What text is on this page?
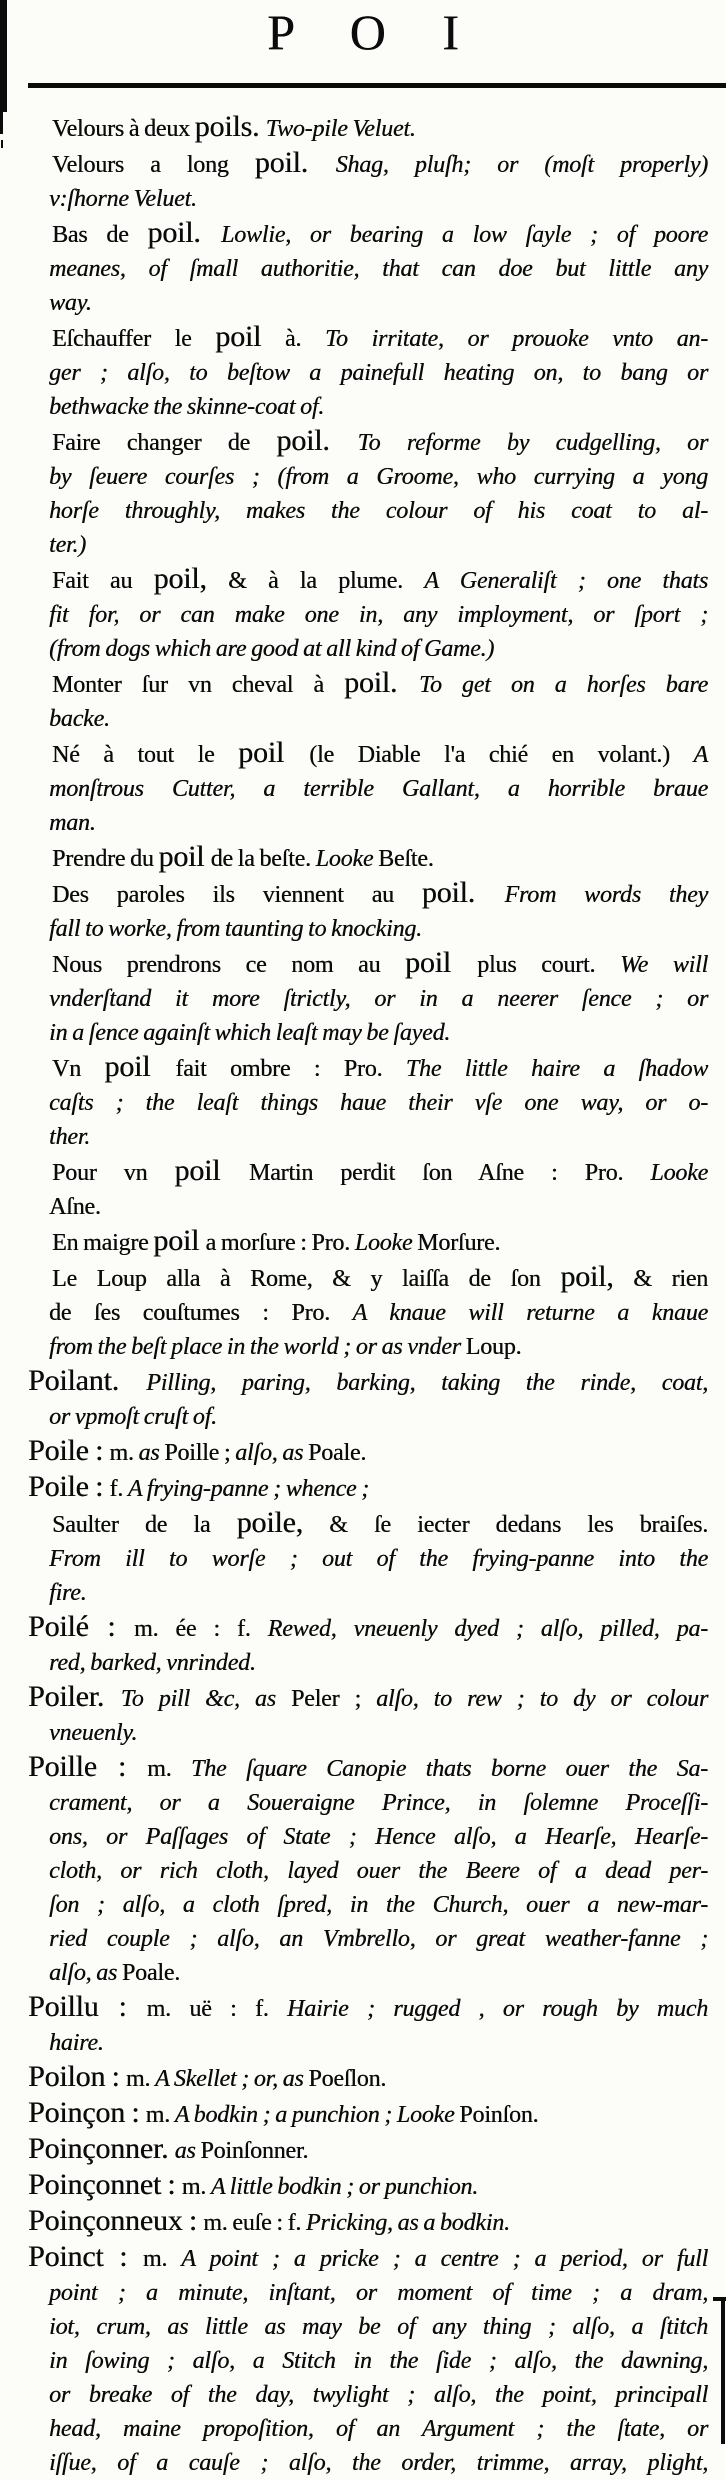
P O I
Velours à deux poils. Two-pile Veluet.
Velours a long poil. Shag, pluſh; or (moſt properly)
v:ſhorne Veluet.
Bas de poil. Lowlie, or bearing a low ſayle ; of poore
meanes, of ſmall authoritie, that can doe but little any
way.
Eſchauffer le poil à. To irritate, or prouoke vnto an-
ger ; alſo, to beſtow a painefull heating on, to bang or
bethwacke the skinne-coat of.
Faire changer de poil. To reforme by cudgelling, or
by ſeuere courſes ; (from a Groome, who currying a yong
horſe throughly, makes the colour of his coat to al-
ter.)
Fait au poil, & à la plume. A Generaliſt ; one thats
fit for, or can make one in, any imployment, or ſport ;
(from dogs which are good at all kind of Game.)
Monter ſur vn cheval à poil. To get on a horſes bare
backe.
Né à tout le poil (le Diable l'a chié en volant.) A
monſtrous Cutter, a terrible Gallant, a horrible braue
man.
Prendre du poil de la beſte. Looke Beſte.
Des paroles ils viennent au poil. From words they
fall to worke, from taunting to knocking.
Nous prendrons ce nom au poil plus court. We will
vnderſtand it more ſtrictly, or in a neerer ſence ; or
in a ſence againſt which leaſt may be ſayed.
Vn poil fait ombre : Pro. The little haire a ſhadow
caſts ; the leaſt things haue their vſe one way, or o-
ther.
Pour vn poil Martin perdit ſon Aſne : Pro. Looke
Aſne.
En maigre poil a morſure : Pro. Looke Morſure.
Le Loup alla à Rome, & y laiſſa de ſon poil, & rien
de ſes couſtumes : Pro. A knaue will returne a knaue
from the beſt place in the world ; or as vnder Loup.
Poilant. Pilling, paring, barking, taking the rinde, coat,
or vpmoſt cruſt of.
Poile : m. as Poille ; alſo, as Poale.
Poile : f. A frying-panne ; whence ;
Saulter de la poile, & ſe iecter dedans les braiſes.
From ill to worſe ; out of the frying-panne into the
fire.
Poilé : m. ée : f. Rewed, vneuenly dyed ; alſo, pilled, pa-
red, barked, vnrinded.
Poiler. To pill &c, as Peler ; alſo, to rew ; to dy or colour
vneuenly.
Poille : m. The ſquare Canopie thats borne ouer the Sa-
crament, or a Soueraigne Prince, in ſolemne Proceſſi-
ons, or Paſſages of State ; Hence alſo, a Hearſe, Hearſe-
cloth, or rich cloth, layed ouer the Beere of a dead per-
ſon ; alſo, a cloth ſpred, in the Church, ouer a new-mar-
ried couple ; alſo, an Vmbrello, or great weather-fanne ;
alſo, as Poale.
Poillu : m. uë : f. Hairie ; rugged , or rough by much
haire.
Poilon : m. A Skellet ; or, as Poeſlon.
Poinçon : m. A bodkin ; a punchion ; Looke Poinſon.
Poinçonner. as Poinſonner.
Poinçonnet : m. A little bodkin ; or punchion.
Poinçonneux : m. euſe : f. Pricking, as a bodkin.
Poinct : m. A point ; a pricke ; a centre ; a period, or full
point ; a minute, inſtant, or moment of time ; a dram,
iot, crum, as little as may be of any thing ; alſo, a ſtitch
in ſowing ; alſo, a Stitch in the ſide ; alſo, the dawning,
or breake of the day, twylight ; alſo, the point, principall
head, maine propoſition, of an Argument ; the ſtate, or
iſſue, of a cauſe ; alſo, the order, trimme, array, plight,
